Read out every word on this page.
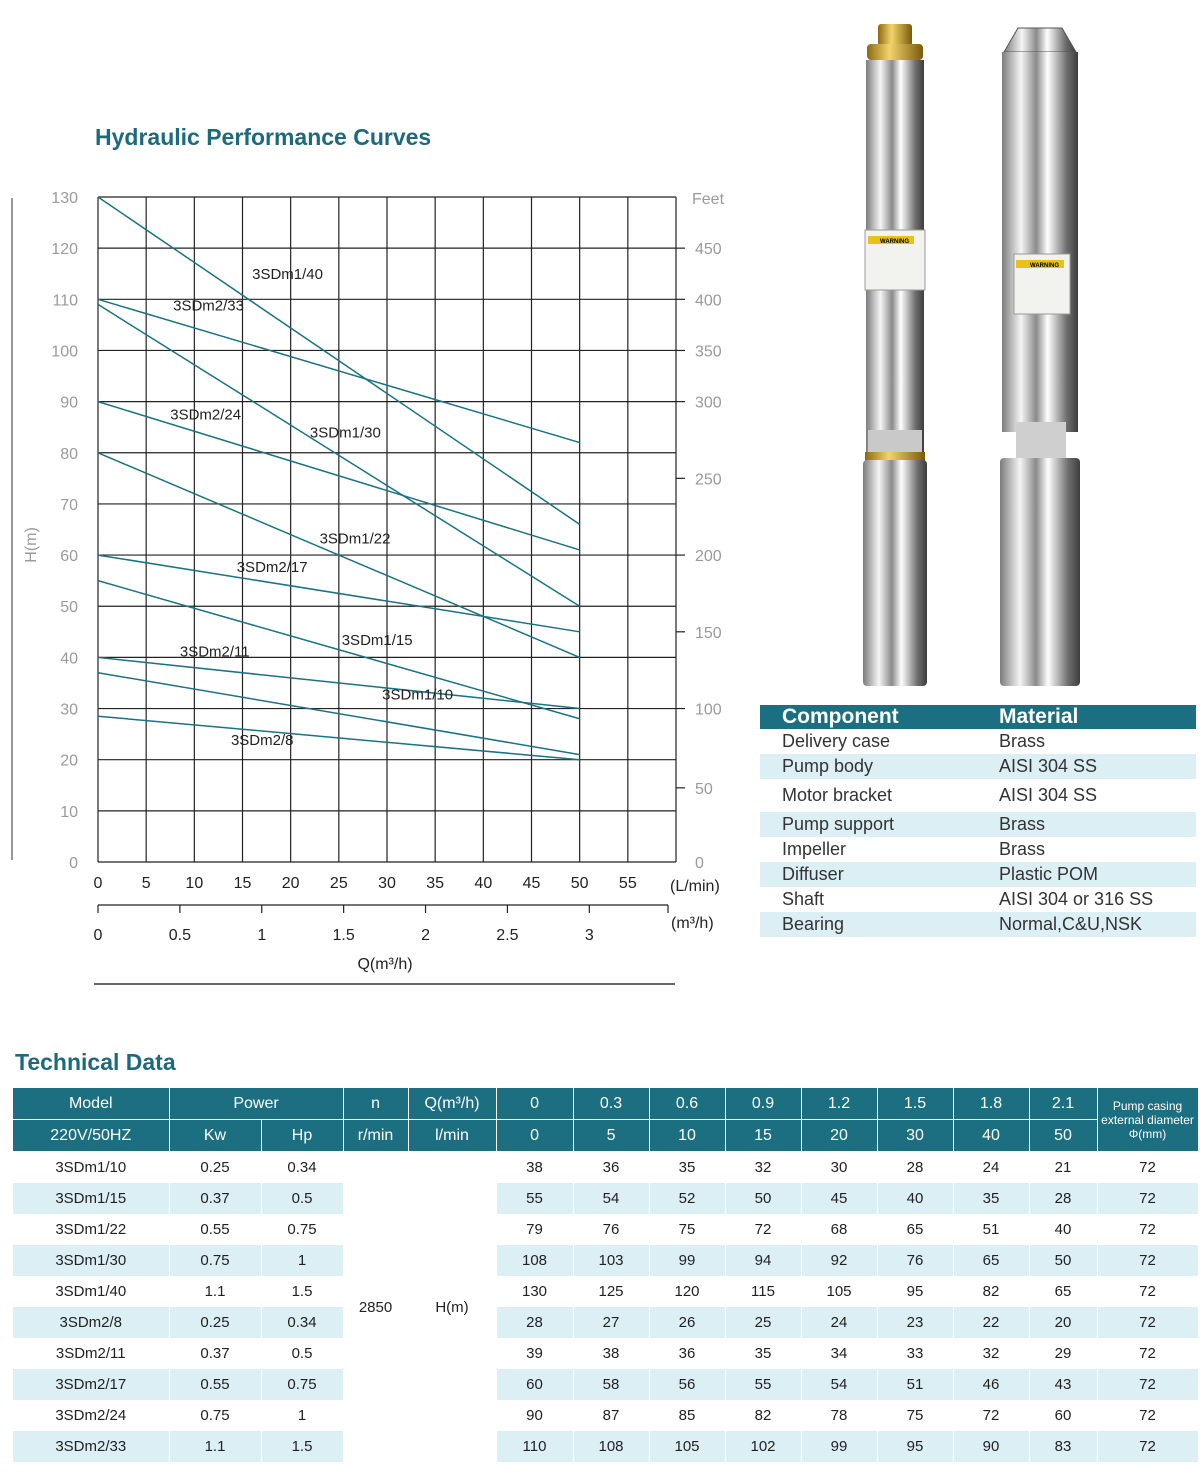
Hydraulic Performance Curves
0
10
20
30
40
50
60
70
80
90
100
110
120
130
0 5 10 15 20 25 30 35 40 45 50 55 (L/min)
0	0.5	1	1.5	2	2.5	3
(m³/h)
Q(m³/h)
Feet
450
400
350
300
250
200
150
100
50
0
H(m)
3SDm1/40
3SDm2/33
3SDm1/30
3SDm2/24
3SDm1/22
3SDm2/17
3SDm1/15
3SDm2/11
3SDm1/10
3SDm2/8
WARNING
WARNING
Component	Material
Delivery case	Brass
Pump body	AISI 304 SS
Motor bracket	AISI 304 SS
Pump support	Brass
Impeller	Brass
Diffuser	Plastic POM
Shaft	AISI 304 or 316 SS
Bearing	Normal,C&U,NSK
Technical Data
Model	Power		n	Q(m³/h)	0	0.3	0.6	0.9	1.2	1.5	1.8	2.1	Pump casing external diameter Φ(mm)
220V/50HZ	Kw	Hp	r/min	l/min	0	5	10	15	20	30	40	50	
3SDm1/10	0.25	0.34	2850	H(m)	38	36	35	32	30	28	24	21	72
3SDm1/15	0.37	0.5			55	54	52	50	45	40	35	28	72
3SDm1/22	0.55	0.75			79	76	75	72	68	65	51	40	72
3SDm1/30	0.75	1			108	103	99	94	92	76	65	50	72
3SDm1/40	1.1	1.5			130	125	120	115	105	95	82	65	72
3SDm2/8	0.25	0.34			28	27	26	25	24	23	22	20	72
3SDm2/11	0.37	0.5			39	38	36	35	34	33	32	29	72
3SDm2/17	0.55	0.75			60	58	56	55	54	51	46	43	72
3SDm2/24	0.75	1			90	87	85	82	78	75	72	60	72
3SDm2/33	1.1	1.5			110	108	105	102	99	95	90	83	72
